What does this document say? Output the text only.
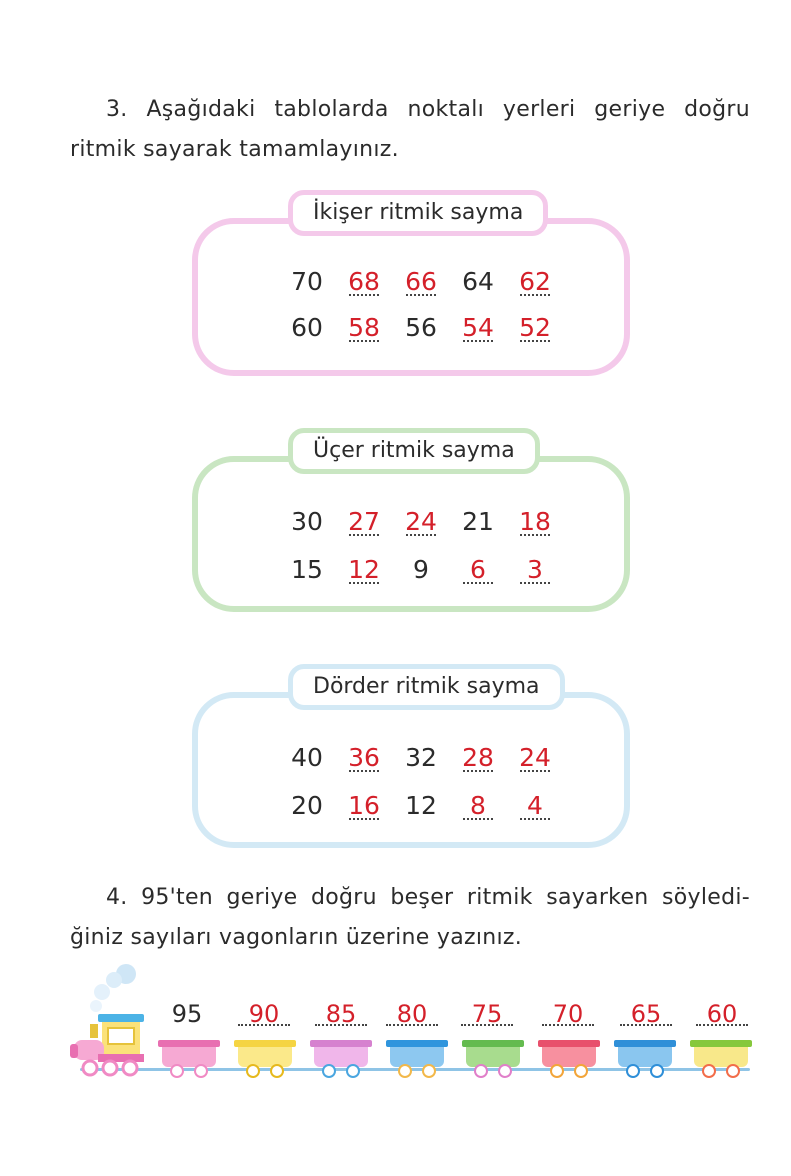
3. Aşağıdaki tablolarda noktalı yerleri geriye doğru
ritmik sayarak tamamlayınız.
İkişer ritmik sayma
70	68	66	64	62
60	58	56	54	52
Üçer ritmik sayma
30	27	24	21	18
15	12	9	6	3
Dörder ritmik sayma
40	36	32	28	24
20	16	12	8	4
4. 95'ten geriye doğru beşer ritmik sayarken söyledi-
ğiniz sayıları vagonların üzerine yazınız.
95	90	85	80	75	70	65	60
